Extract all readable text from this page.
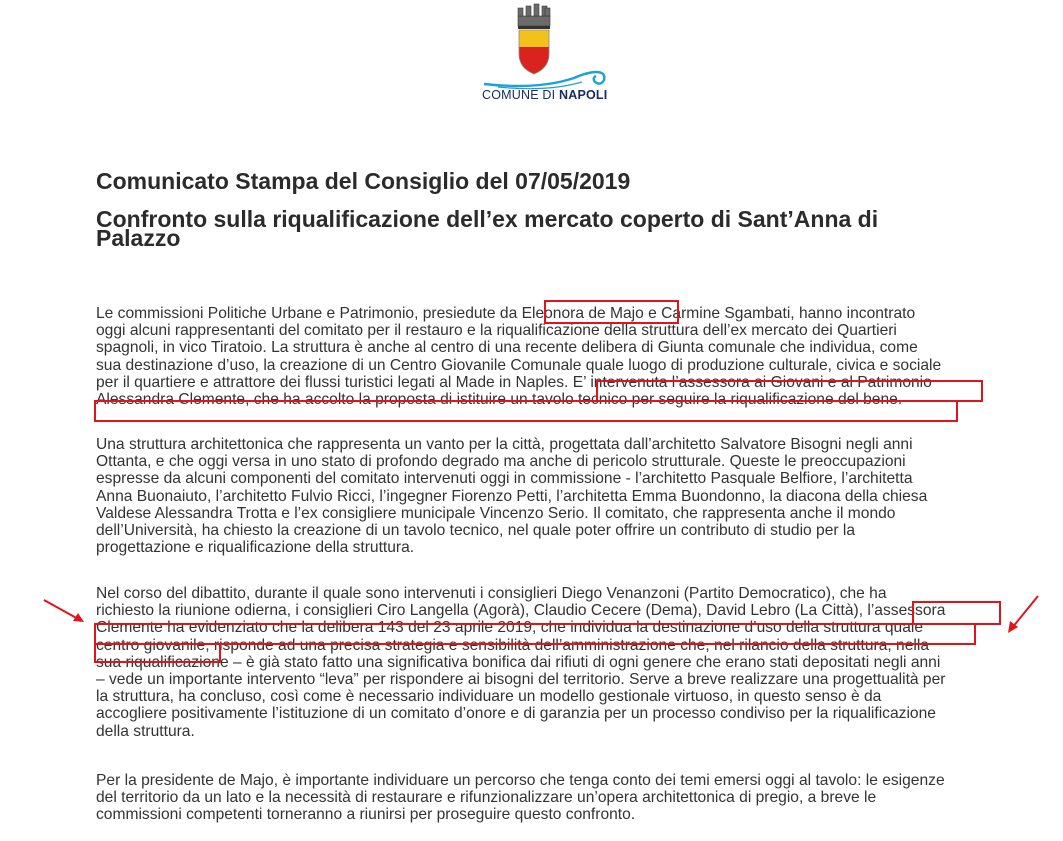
COMUNE DI NAPOLI
Comunicato Stampa del Consiglio del 07/05/2019
Confronto sulla riqualificazione dell’ex mercato coperto di Sant’Anna di
Palazzo

Le commissioni Politiche Urbane e Patrimonio, presiedute da Eleonora de Majo e Carmine Sgambati, hanno incontrato
oggi alcuni rappresentanti del comitato per il restauro e la riqualificazione della struttura dell’ex mercato dei Quartieri
spagnoli, in vico Tiratoio. La struttura è anche al centro di una recente delibera di Giunta comunale che individua, come
sua destinazione d’uso, la creazione di un Centro Giovanile Comunale quale luogo di produzione culturale, civica e sociale
per il quartiere e attrattore dei flussi turistici legati al Made in Naples. E’ intervenuta l’assessora ai Giovani e al Patrimonio
Alessandra Clemente, che ha accolto la proposta di istituire un tavolo tecnico per seguire la riqualificazione del bene.

Una struttura architettonica che rappresenta un vanto per la città, progettata dall’architetto Salvatore Bisogni negli anni
Ottanta, e che oggi versa in uno stato di profondo degrado ma anche di pericolo strutturale. Queste le preoccupazioni
espresse da alcuni componenti del comitato intervenuti oggi in commissione - l’architetto Pasquale Belfiore, l’architetta
Anna Buonaiuto, l’architetto Fulvio Ricci, l’ingegner Fiorenzo Petti, l’architetta Emma Buondonno, la diacona della chiesa
Valdese Alessandra Trotta e l’ex consigliere municipale Vincenzo Serio. Il comitato, che rappresenta anche il mondo
dell’Università, ha chiesto la creazione di un tavolo tecnico, nel quale poter offrire un contributo di studio per la
progettazione e riqualificazione della struttura.

Nel corso del dibattito, durante il quale sono intervenuti i consiglieri Diego Venanzoni (Partito Democratico), che ha
richiesto la riunione odierna, i consiglieri Ciro Langella (Agorà), Claudio Cecere (Dema), David Lebro (La Città), l’assessora
Clemente ha evidenziato che la delibera 143 del 23 aprile 2019, che individua la destinazione d’uso della struttura quale
centro giovanile, risponde ad una precisa strategia e sensibilità dell’amministrazione che, nel rilancio della struttura, nella
sua riqualificazione – è già stato fatto una significativa bonifica dai rifiuti di ogni genere che erano stati depositati negli anni
– vede un importante intervento “leva” per rispondere ai bisogni del territorio. Serve a breve realizzare una progettualità per
la struttura, ha concluso, così come è necessario individuare un modello gestionale virtuoso, in questo senso è da
accogliere positivamente l’istituzione di un comitato d’onore e di garanzia per un processo condiviso per la riqualificazione
della struttura.

Per la presidente de Majo, è importante individuare un percorso che tenga conto dei temi emersi oggi al tavolo: le esigenze
del territorio da un lato e la necessità di restaurare e rifunzionalizzare un’opera architettonica di pregio, a breve le
commissioni competenti torneranno a riunirsi per proseguire questo confronto.
